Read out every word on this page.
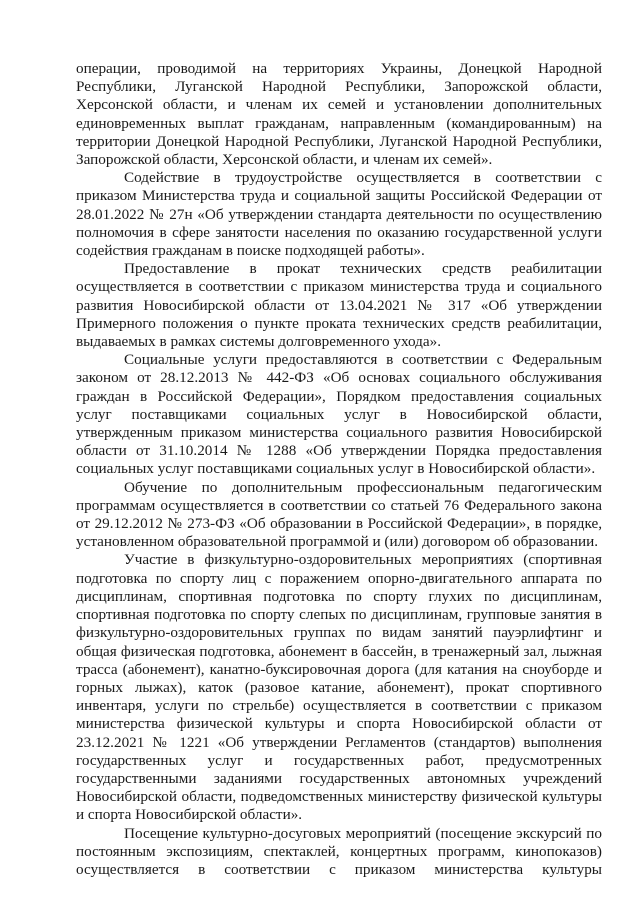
операции, проводимой на территориях Украины, Донецкой Народной Республики, Луганской Народной Республики, Запорожской области, Херсонской области, и членам их семей и установлении дополнительных единовременных выплат гражданам, направленным (командированным) на территории Донецкой Народной Республики, Луганской Народной Республики, Запорожской области, Херсонской области, и членам их семей».

Содействие в трудоустройстве осуществляется в соответствии с приказом Министерства труда и социальной защиты Российской Федерации от 28.01.2022 № 27н «Об утверждении стандарта деятельности по осуществлению полномочия в сфере занятости населения по оказанию государственной услуги содействия гражданам в поиске подходящей работы».

Предоставление в прокат технических средств реабилитации осуществляется в соответствии с приказом министерства труда и социального развития Новосибирской области от 13.04.2021 № 317 «Об утверждении Примерного положения о пункте проката технических средств реабилитации, выдаваемых в рамках системы долговременного ухода».

Социальные услуги предоставляются в соответствии с Федеральным законом от 28.12.2013 № 442-ФЗ «Об основах социального обслуживания граждан в Российской Федерации», Порядком предоставления социальных услуг поставщиками социальных услуг в Новосибирской области, утвержденным приказом министерства социального развития Новосибирской области от 31.10.2014 № 1288 «Об утверждении Порядка предоставления социальных услуг поставщиками социальных услуг в Новосибирской области».

Обучение по дополнительным профессиональным педагогическим программам осуществляется в соответствии со статьей 76 Федерального закона от 29.12.2012 № 273-ФЗ «Об образовании в Российской Федерации», в порядке, установленном образовательной программой и (или) договором об образовании.

Участие в физкультурно-оздоровительных мероприятиях (спортивная подготовка по спорту лиц с поражением опорно-двигательного аппарата по дисциплинам, спортивная подготовка по спорту глухих по дисциплинам, спортивная подготовка по спорту слепых по дисциплинам, групповые занятия в физкультурно-оздоровительных группах по видам занятий пауэрлифтинг и общая физическая подготовка, абонемент в бассейн, в тренажерный зал, лыжная трасса (абонемент), канатно-буксировочная дорога (для катания на сноуборде и горных лыжах), каток (разовое катание, абонемент), прокат спортивного инвентаря, услуги по стрельбе) осуществляется в соответствии с приказом министерства физической культуры и спорта Новосибирской области от 23.12.2021 № 1221 «Об утверждении Регламентов (стандартов) выполнения государственных услуг и государственных работ, предусмотренных государственными заданиями государственных автономных учреждений Новосибирской области, подведомственных министерству физической культуры и спорта Новосибирской области».

Посещение культурно-досуговых мероприятий (посещение экскурсий по постоянным экспозициям, спектаклей, концертных программ, кинопоказов) осуществляется в соответствии с приказом министерства культуры
